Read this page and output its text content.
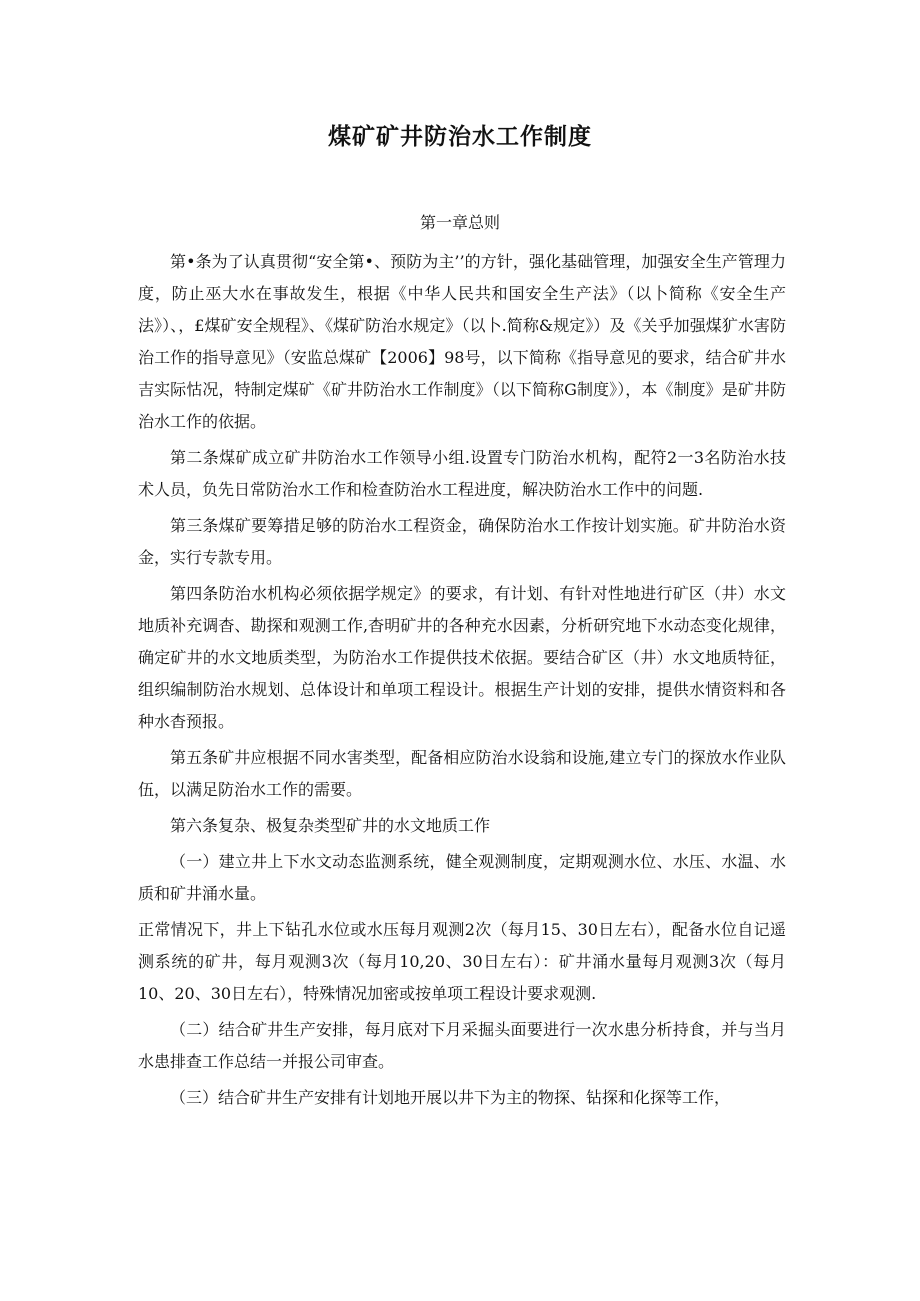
煤矿矿井防治水工作制度
第一章总则

第•条为了认真贯彻“安全第•、预防为主’’的方针，强化基础管理，加强安全生产管理力度，防止巫大水在事故发生，根据《中华人民共和国安全生产法》（以卜简称《安全生产法》）、，£煤矿安全规程》、《煤矿防治水规定》（以卜.简称&规定》）及《关乎加强煤犷水害防治工作的指导意见》（安监总煤矿【2006】98号，以下简称《指导意见的要求，结合矿井水吉实际怙况，特制定煤矿《矿井防治水工作制度》（以下简称G制度》），本《制度》是矿井防治水工作的依据。

第二条煤矿成立矿井防治水工作领导小组.设置专门防治水机构，配符2一3名防治水技术人员，负先日常防治水工作和检查防治水工程进度，解决防治水工作中的问题.

第三条煤矿要筹措足够的防治水工程资金，确保防治水工作按计划实施。矿井防治水资金，实行专款专用。

第四条防治水机构必须依据学规定》的要求，有计划、有针对性地进行矿区（井）水文地质补充调杳、勘探和观测工作,杳明矿井的各种充水因素，分析研究地下水动态变化规律，确定矿井的水文地质类型，为防治水工作提供技术依据。要结合矿区（井）水文地质特征，组织编制防治水规划、总体设计和单项工程设计。根据生产计划的安排，提供水情资料和各种水杳预报。

第五条矿井应根据不同水害类型，配备相应防治水设翁和设施,建立专门的探放水作业队伍，以满足防治水工作的需要。

第六条复杂、极复杂类型矿井的水文地质工作

（一）建立井上下水文动态监测系统，健全观测制度，定期观测水位、水压、水温、水质和矿井涌水量。

正常情况下，井上下钻孔水位或水压每月观测2次（每月15、30日左右），配备水位自记遥测系统的矿井，每月观测3次（每月10,20、30日左右）：矿井涌水量每月观测3次（每月10、20、30日左右），特殊情况加密或按单项工程设计要求观测.

（二）结合矿井生产安排，每月底对下月采掘头面要进行一次水患分析持食，并与当月水患排查工作总结一并报公司审查。

（三）结合矿井生产安排有计划地开展以井下为主的物探、钻探和化探等工作，
